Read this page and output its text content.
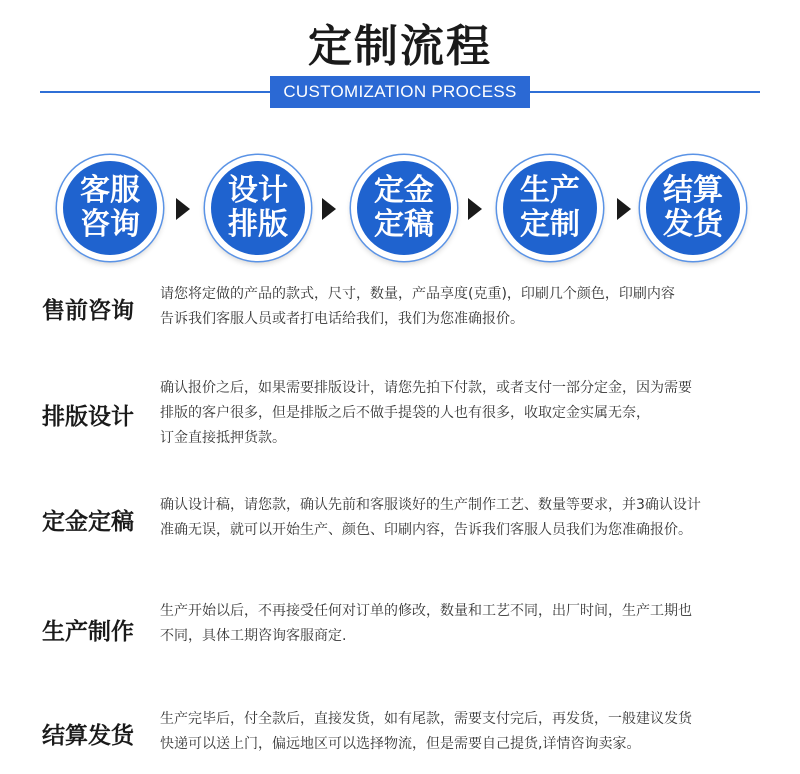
定制流程
CUSTOMIZATION PROCESS
客服咨询
设计排版
定金定稿
生产定制
结算发货
售前咨询
请您将定做的产品的款式，尺寸，数量，产品享度(克重)，印刷几个颜色，印刷内容
告诉我们客服人员或者打电话给我们，我们为您准确报价。
排版设计
确认报价之后，如果需要排版设计，请您先拍下付款，或者支付一部分定金，因为需要
排版的客户很多，但是排版之后不做手提袋的人也有很多，收取定金实属无奈，
订金直接抵押货款。
定金定稿
确认设计稿，请您款，确认先前和客服谈好的生产制作工艺、数量等要求，并3确认设计
准确无误，就可以开始生产、颜色、印刷内容，告诉我们客服人员我们为您准确报价。
生产制作
生产开始以后，不再接受任何对订单的修改，数量和工艺不同，出厂时间，生产工期也
不同，具体工期咨询客服商定.
结算发货
生产完毕后，付全款后，直接发货，如有尾款，需要支付完后，再发货，一般建议发货
快递可以送上门，偏远地区可以选择物流，但是需要自己提货,详情咨询卖家。
